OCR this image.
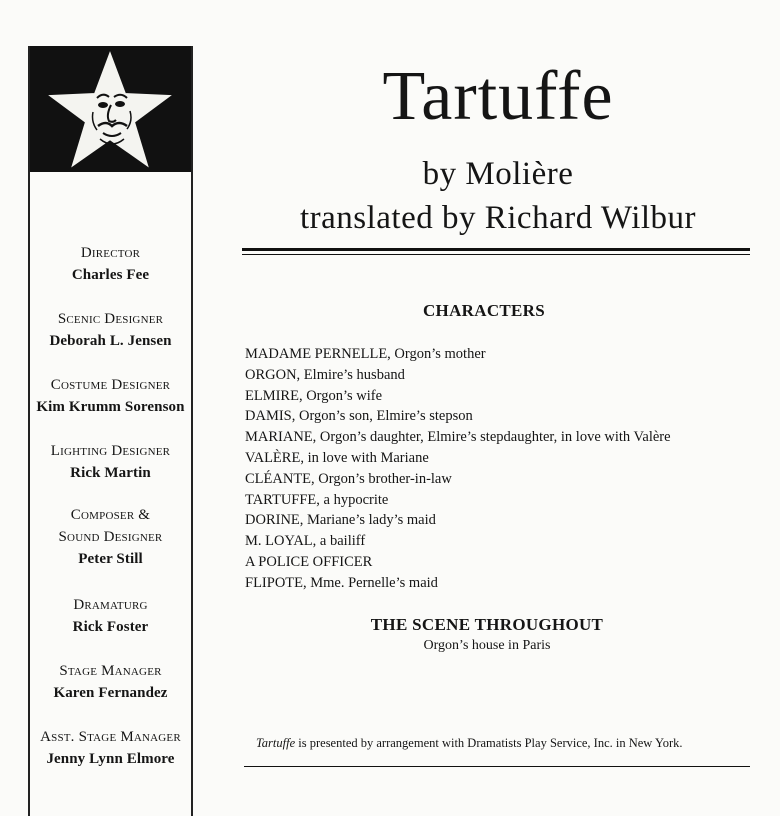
Director
Charles Fee
Scenic Designer
Deborah L. Jensen
Costume Designer
Kim Krumm Sorenson
Lighting Designer
Rick Martin
Composer &
Sound Designer
Peter Still
Dramaturg
Rick Foster
Stage Manager
Karen Fernandez
Asst. Stage Manager
Jenny Lynn Elmore
Tartuffe
by Molière
translated by Richard Wilbur
CHARACTERS
MADAME PERNELLE, Orgon’s mother
ORGON, Elmire’s husband
ELMIRE, Orgon’s wife
DAMIS, Orgon’s son, Elmire’s stepson
MARIANE, Orgon’s daughter, Elmire’s stepdaughter, in love with Valère
VALÈRE, in love with Mariane
CLÉANTE, Orgon’s brother-in-law
TARTUFFE, a hypocrite
DORINE, Mariane’s lady’s maid
M. LOYAL, a bailiff
A POLICE OFFICER
FLIPOTE, Mme. Pernelle’s maid
THE SCENE THROUGHOUT
Orgon’s house in Paris
Tartuffe is presented by arrangement with Dramatists Play Service, Inc. in New York.
